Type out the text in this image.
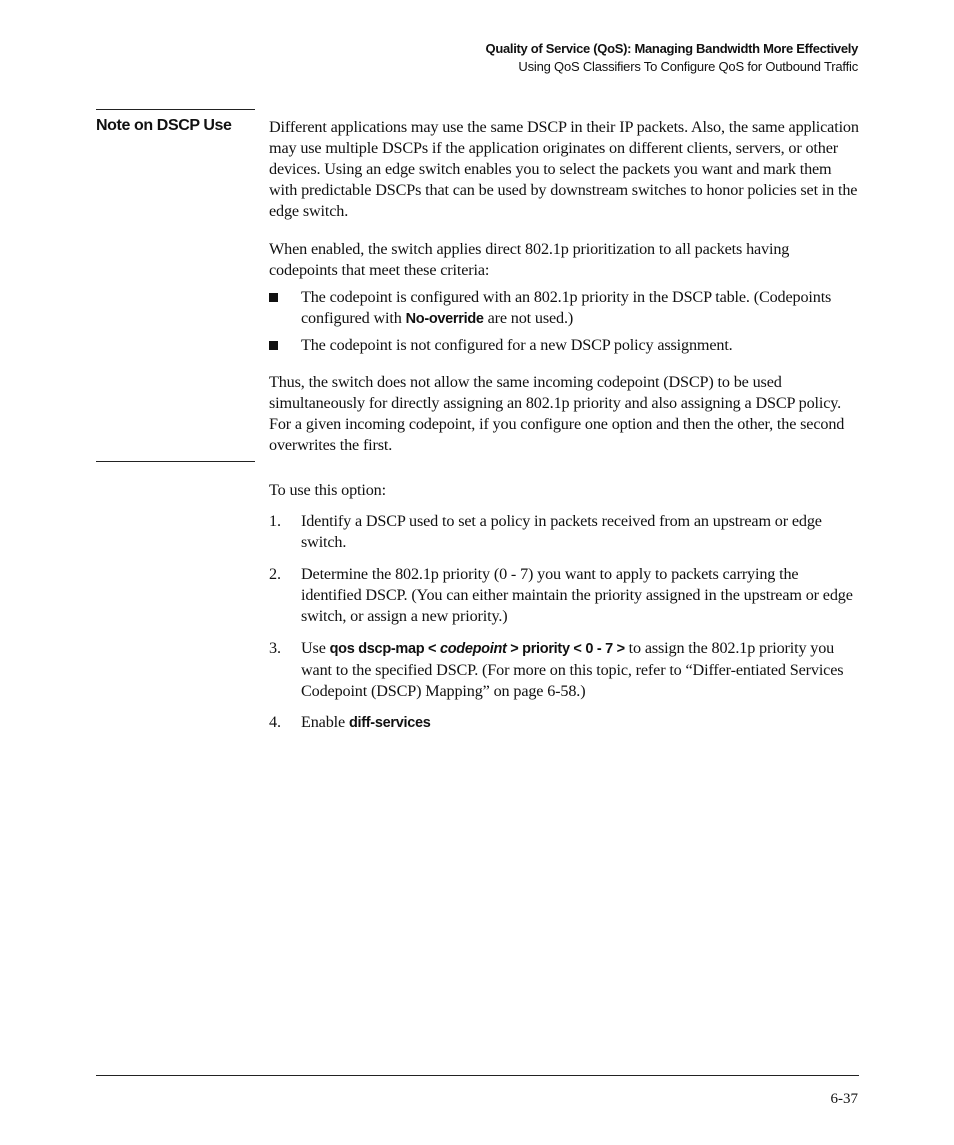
Quality of Service (QoS): Managing Bandwidth More Effectively
Using QoS Classifiers To Configure QoS for Outbound Traffic
Note on DSCP Use Different applications may use the same DSCP in their IP packets. Also, the same application may use multiple DSCPs if the application originates on different clients, servers, or other devices. Using an edge switch enables you to select the packets you want and mark them with predictable DSCPs that can be used by downstream switches to honor policies set in the edge switch.

When enabled, the switch applies direct 802.1p prioritization to all packets having codepoints that meet these criteria:

The codepoint is configured with an 802.1p priority in the DSCP table. (Codepoints configured with No-override are not used.)
The codepoint is not configured for a new DSCP policy assignment.

Thus, the switch does not allow the same incoming codepoint (DSCP) to be used simultaneously for directly assigning an 802.1p priority and also assigning a DSCP policy. For a given incoming codepoint, if you configure one option and then the other, the second overwrites the first.

To use this option:

1.	Identify a DSCP used to set a policy in packets received from an upstream or edge switch.
2.	Determine the 802.1p priority (0 - 7) you want to apply to packets carrying the identified DSCP. (You can either maintain the priority assigned in the upstream or edge switch, or assign a new priority.)
3.	Use qos dscp-map < codepoint > priority < 0 - 7 > to assign the 802.1p priority you want to the specified DSCP. (For more on this topic, refer to “Differ-entiated Services Codepoint (DSCP) Mapping” on page 6-58.)
4.	Enable diff-services
6-37
